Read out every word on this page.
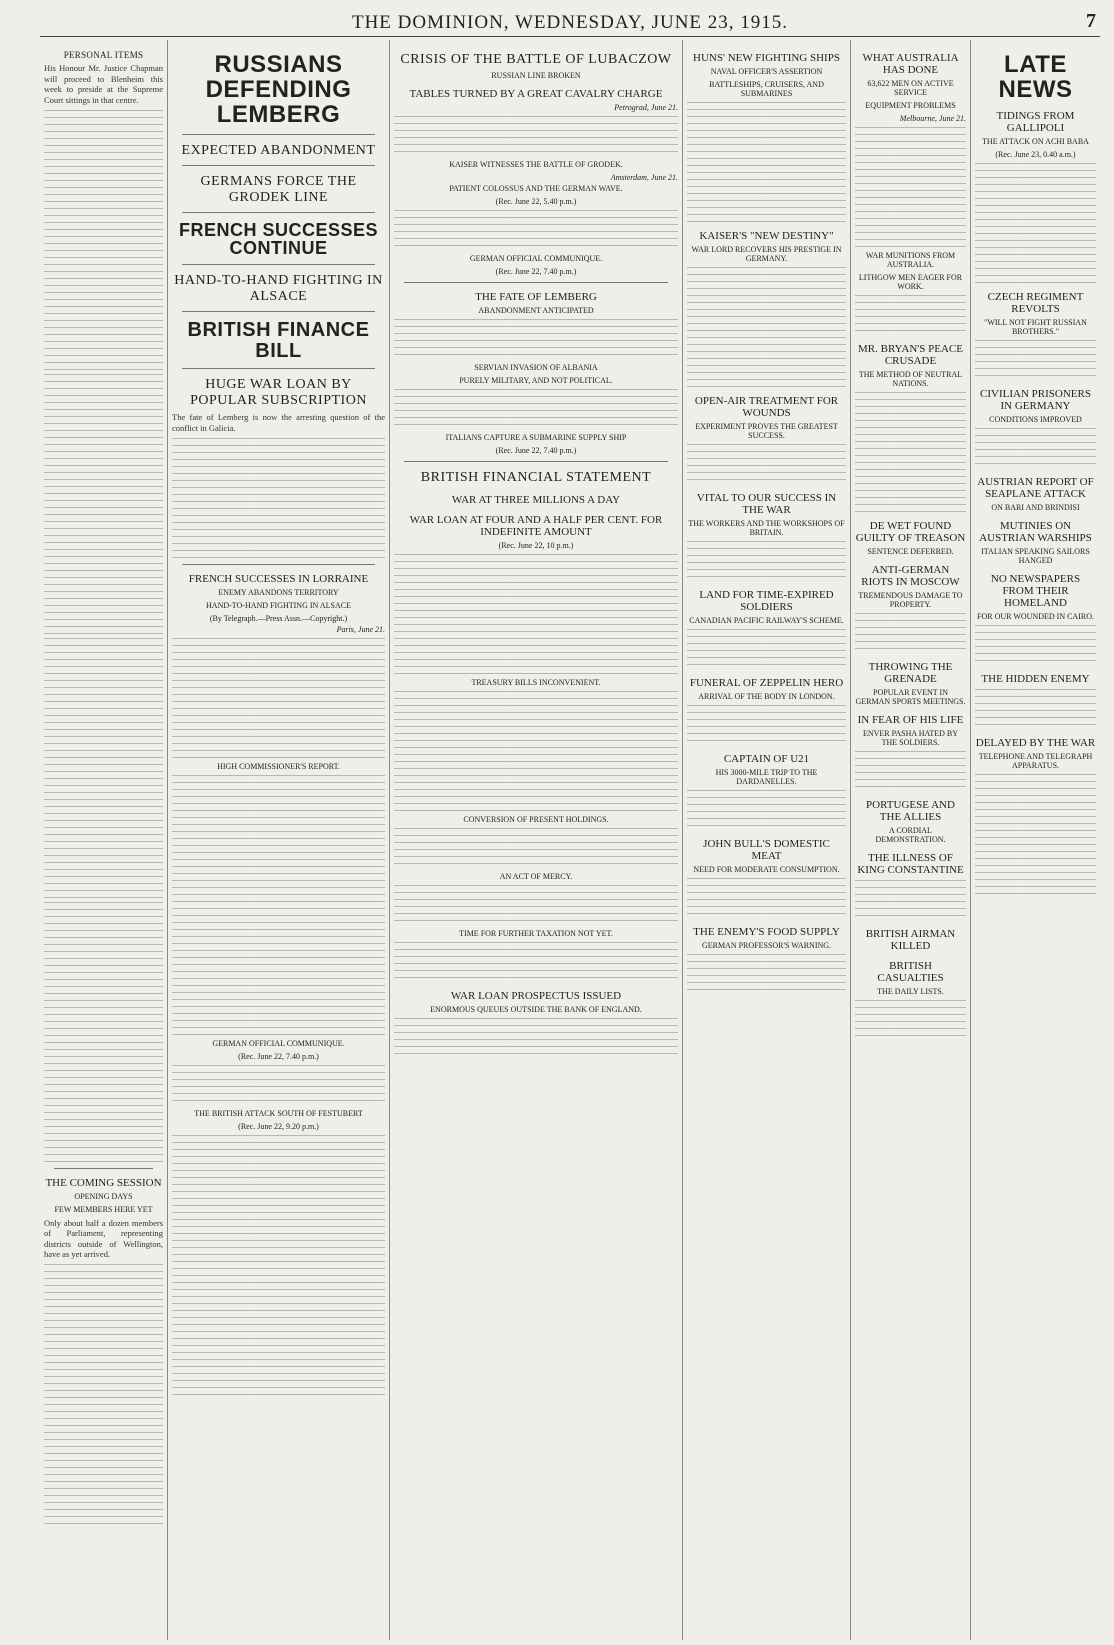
THE DOMINION, WEDNESDAY, JUNE 23, 1915.	7
PERSONAL ITEMS
His Honour Mr. Justice Chapman will proceed to Blenheim this week to preside at the Supreme Court sittings in that centre.
THE COMING SESSION
OPENING DAYS
FEW MEMBERS HERE YET
Only about half a dozen members of Parliament, representing districts outside of Wellington, have as yet arrived.
RUSSIANS DEFENDING LEMBERG
EXPECTED ABANDONMENT
GERMANS FORCE THE GRODEK LINE
FRENCH SUCCESSES CONTINUE
HAND-TO-HAND FIGHTING IN ALSACE
BRITISH FINANCE BILL
HUGE WAR LOAN BY POPULAR SUBSCRIPTION
The fate of Lemberg is now the arresting question of the conflict in Galicia.
FRENCH SUCCESSES IN LORRAINE
ENEMY ABANDONS TERRITORY
HAND-TO-HAND FIGHTING IN ALSACE
(By Telegraph.—Press Assn.—Copyright.)
Paris, June 21.
HIGH COMMISSIONER'S REPORT.
GERMAN OFFICIAL COMMUNIQUE.
(Rec. June 22, 7.40 p.m.)
THE BRITISH ATTACK SOUTH OF FESTUBERT
(Rec. June 22, 9.20 p.m.)
CRISIS OF THE BATTLE OF LUBACZOW
RUSSIAN LINE BROKEN
TABLES TURNED BY A GREAT CAVALRY CHARGE
Petrograd, June 21.
KAISER WITNESSES THE BATTLE OF GRODEK.
Amsterdam, June 21.
PATIENT COLOSSUS AND THE GERMAN WAVE.
(Rec. June 22, 5.40 p.m.)
GERMAN OFFICIAL COMMUNIQUE.
(Rec. June 22, 7.40 p.m.)
THE FATE OF LEMBERG
ABANDONMENT ANTICIPATED
SERVIAN INVASION OF ALBANIA
PURELY MILITARY, AND NOT POLITICAL.
ITALIANS CAPTURE A SUBMARINE SUPPLY SHIP
(Rec. June 22, 7.40 p.m.)
BRITISH FINANCIAL STATEMENT
WAR AT THREE MILLIONS A DAY
WAR LOAN AT FOUR AND A HALF PER CENT. FOR INDEFINITE AMOUNT
(Rec. June 22, 10 p.m.)
TREASURY BILLS INCONVENIENT.
CONVERSION OF PRESENT HOLDINGS.
AN ACT OF MERCY.
TIME FOR FURTHER TAXATION NOT YET.
WAR LOAN PROSPECTUS ISSUED
ENORMOUS QUEUES OUTSIDE THE BANK OF ENGLAND.
HUNS' NEW FIGHTING SHIPS
NAVAL OFFICER'S ASSERTION
BATTLESHIPS, CRUISERS, AND SUBMARINES
KAISER'S "NEW DESTINY"
WAR LORD RECOVERS HIS PRESTIGE IN GERMANY.
OPEN-AIR TREATMENT FOR WOUNDS
EXPERIMENT PROVES THE GREATEST SUCCESS.
VITAL TO OUR SUCCESS IN THE WAR
THE WORKERS AND THE WORKSHOPS OF BRITAIN.
LAND FOR TIME-EXPIRED SOLDIERS
CANADIAN PACIFIC RAILWAY'S SCHEME.
FUNERAL OF ZEPPELIN HERO
ARRIVAL OF THE BODY IN LONDON.
CAPTAIN OF U21
HIS 3000-MILE TRIP TO THE DARDANELLES.
JOHN BULL'S DOMESTIC MEAT
NEED FOR MODERATE CONSUMPTION.
THE ENEMY'S FOOD SUPPLY
GERMAN PROFESSOR'S WARNING.
WHAT AUSTRALIA HAS DONE
63,622 MEN ON ACTIVE SERVICE
EQUIPMENT PROBLEMS
Melbourne, June 21.
WAR MUNITIONS FROM AUSTRALIA.
LITHGOW MEN EAGER FOR WORK.
MR. BRYAN'S PEACE CRUSADE
THE METHOD OF NEUTRAL NATIONS.
DE WET FOUND GUILTY OF TREASON
SENTENCE DEFERRED.
ANTI-GERMAN RIOTS IN MOSCOW
TREMENDOUS DAMAGE TO PROPERTY.
THROWING THE GRENADE
POPULAR EVENT IN GERMAN SPORTS MEETINGS.
IN FEAR OF HIS LIFE
ENVER PASHA HATED BY THE SOLDIERS.
PORTUGESE AND THE ALLIES
A CORDIAL DEMONSTRATION.
THE ILLNESS OF KING CONSTANTINE
BRITISH AIRMAN KILLED
BRITISH CASUALTIES
THE DAILY LISTS.
LATE NEWS
TIDINGS FROM GALLIPOLI
THE ATTACK ON ACHI BABA
(Rec. June 23, 0.40 a.m.)
CZECH REGIMENT REVOLTS
"WILL NOT FIGHT RUSSIAN BROTHERS."
CIVILIAN PRISONERS IN GERMANY
CONDITIONS IMPROVED
AUSTRIAN REPORT OF SEAPLANE ATTACK
ON BARI AND BRINDISI
MUTINIES ON AUSTRIAN WARSHIPS
ITALIAN SPEAKING SAILORS HANGED
NO NEWSPAPERS FROM THEIR HOMELAND
FOR OUR WOUNDED IN CAIRO.
THE HIDDEN ENEMY
DELAYED BY THE WAR
TELEPHONE AND TELEGRAPH APPARATUS.
